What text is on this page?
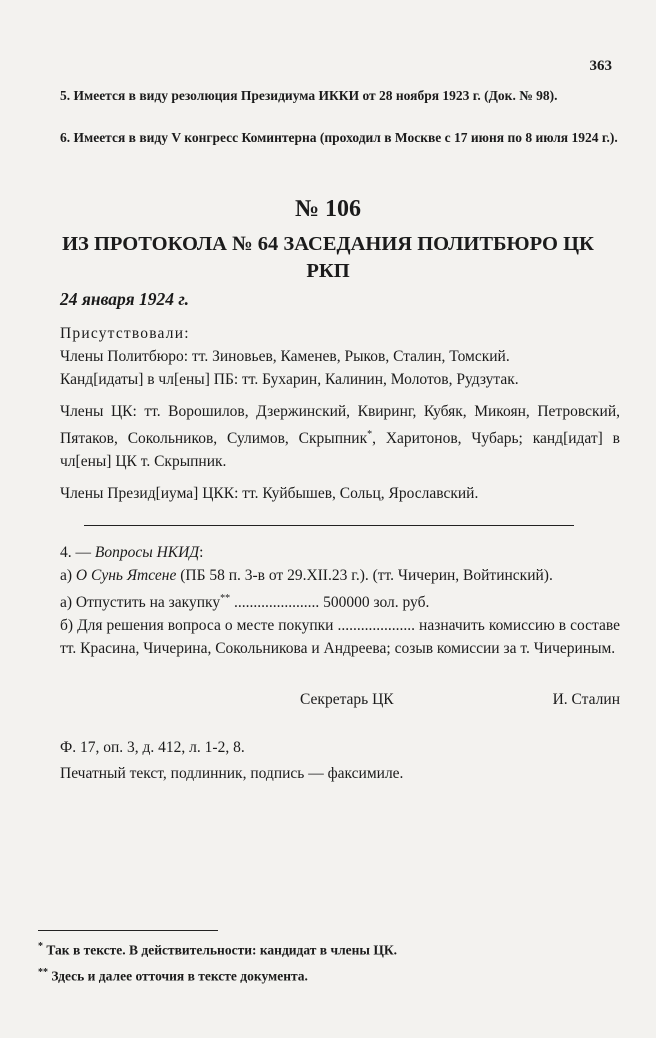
363

5. Имеется в виду резолюция Президиума ИККИ от 28 ноября 1923 г. (Док. № 98).

6. Имеется в виду V конгресс Коминтерна (проходил в Москве с 17 июня по 8 июля 1924 г.).

№ 106
ИЗ ПРОТОКОЛА № 64 ЗАСЕДАНИЯ ПОЛИТБЮРО ЦК РКП
24 января 1924 г.

Присутствовали:

Члены Политбюро: тт. Зиновьев, Каменев, Рыков, Сталин, Томский.

Канд[идаты] в чл[ены] ПБ: тт. Бухарин, Калинин, Молотов, Рудзутак.

Члены ЦК: тт. Ворошилов, Дзержинский, Квиринг, Кубяк, Микоян, Петровский, Пятаков, Сокольников, Сулимов, Скрыпник*, Харитонов, Чубарь; канд[идат] в чл[ены] ЦК т. Скрыпник.

Члены Презид[иума] ЦКК: тт. Куйбышев, Сольц, Ярославский.

4. — Вопросы НКИД:

а) О Сунь Ятсене (ПБ 58 п. 3-в от 29.XII.23 г.). (тт. Чичерин, Войтинский).

а) Отпустить на закупку** ...................... 500000 зол. руб.

б) Для решения вопроса о месте покупки .................... назначить комиссию в составе тт. Красина, Чичерина, Сокольникова и Андреева; созыв комиссии за т. Чичериным.

Секретарь ЦК	И. Сталин

Ф. 17, оп. 3, д. 412, л. 1-2, 8.

Печатный текст, подлинник, подпись — факсимиле.

* Так в тексте. В действительности: кандидат в члены ЦК.

** Здесь и далее отточия в тексте документа.
